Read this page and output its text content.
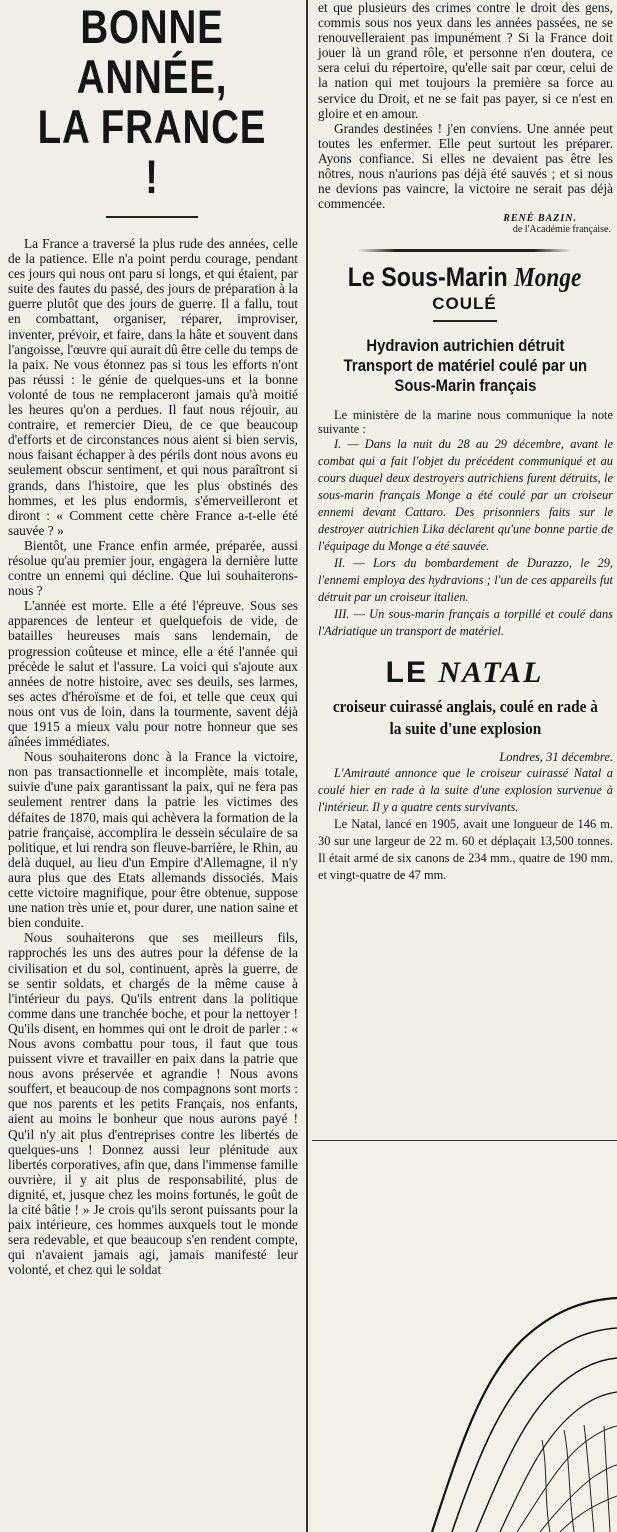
BONNE ANNÉE,
LA FRANCE !

La France a traversé la plus rude des années, celle de la patience. Elle n'a point perdu courage, pendant ces jours qui nous ont paru si longs, et qui étaient, par suite des fautes du passé, des jours de préparation à la guerre plutôt que des jours de guerre. Il a fallu, tout en combattant, organiser, réparer, improviser, inventer, prévoir, et faire, dans la hâte et souvent dans l'angoisse, l'œuvre qui aurait dû être celle du temps de la paix. Ne vous étonnez pas si tous les efforts n'ont pas réussi : le génie de quelques-uns et la bonne volonté de tous ne remplaceront jamais qu'à moitié les heures qu'on a perdues. Il faut nous réjouir, au contraire, et remercier Dieu, de ce que beaucoup d'efforts et de circonstances nous aient si bien servis, nous faisant échapper à des périls dont nous avons eu seulement obscur sentiment, et qui nous paraîtront si grands, dans l'histoire, que les plus obstinés des hommes, et les plus endormis, s'émerveilleront et diront : « Comment cette chère France a-t-elle été sauvée ? »

Bientôt, une France enfin armée, préparée, aussi résolue qu'au premier jour, engagera la dernière lutte contre un ennemi qui décline. Que lui souhaiterons-nous ?

L'année est morte. Elle a été l'épreuve. Sous ses apparences de lenteur et quelquefois de vide, de batailles heureuses mais sans lendemain, de progression coûteuse et mince, elle a été l'année qui précède le salut et l'assure. La voici qui s'ajoute aux années de notre histoire, avec ses deuils, ses larmes, ses actes d'héroïsme et de foi, et telle que ceux qui nous ont vus de loin, dans la tourmente, savent déjà que 1915 a mieux valu pour notre honneur que ses aînées immédiates.

Nous souhaiterons donc à la France la victoire, non pas transactionnelle et incomplète, mais totale, suivie d'une paix garantissant la paix, qui ne fera pas seulement rentrer dans la patrie les victimes des défaites de 1870, mais qui achèvera la formation de la patrie française, accomplira le dessein séculaire de sa politique, et lui rendra son fleuve-barrière, le Rhin, au delà duquel, au lieu d'un Empire d'Allemagne, il n'y aura plus que des Etats allemands dissociés. Mais cette victoire magnifique, pour être obtenue, suppose une nation très unie et, pour durer, une nation saine et bien conduite.

Nous souhaiterons que ses meilleurs fils, rapprochés les uns des autres pour la défense de la civilisation et du sol, continuent, après la guerre, de se sentir soldats, et chargés de la même cause à l'intérieur du pays. Qu'ils entrent dans la politique comme dans une tranchée boche, et pour la nettoyer ! Qu'ils disent, en hommes qui ont le droit de parler : « Nous avons combattu pour tous, il faut que tous puissent vivre et travailler en paix dans la patrie que nous avons préservée et agrandie ! Nous avons souffert, et beaucoup de nos compagnons sont morts : que nos parents et les petits Français, nos enfants, aient au moins le bonheur que nous aurons payé ! Qu'il n'y ait plus d'entreprises contre les libertés de quelques-uns ! Donnez aussi leur plénitude aux libertés corporatives, afin que, dans l'immense famille ouvrière, il y ait plus de responsabilité, plus de dignité, et, jusque chez les moins fortunés, le goût de la cité bâtie ! » Je crois qu'ils seront puissants pour la paix intérieure, ces hommes auxquels tout le monde sera redevable, et que beaucoup s'en rendent compte, qui n'avaient jamais agi, jamais manifesté leur volonté, et chez qui le soldat

et que plusieurs des crimes contre le droit des gens, commis sous nos yeux dans les années passées, ne se renouvelleraient pas impunément ? Si la France doit jouer là un grand rôle, et personne n'en doutera, ce sera celui du répertoire, qu'elle sait par cœur, celui de la nation qui met toujours la première sa force au service du Droit, et ne se fait pas payer, si ce n'est en gloire et en amour.

Grandes destinées ! j'en conviens. Une année peut toutes les enfermer. Elle peut surtout les préparer. Ayons confiance. Si elles ne devaient pas être les nôtres, nous n'aurions pas déjà été sauvés ; et si nous ne devions pas vaincre, la victoire ne serait pas déjà commencée.

RENÉ BAZIN.
de l'Académie française.
Le Sous-Marin Monge
COULÉ
Hydravion autrichien détruit Transport de matériel coulé par un Sous-Marin français

Le ministère de la marine nous communique la note suivante :

I. — Dans la nuit du 28 au 29 décembre, avant le combat qui a fait l'objet du précédent communiqué et au cours duquel deux destroyers autrichiens furent détruits, le sous-marin français Monge a été coulé par un croiseur ennemi devant Cattaro. Des prisonniers faits sur le destroyer autrichien Lika déclarent qu'une bonne partie de l'équipage du Monge a été sauvée.

II. — Lors du bombardement de Durazzo, le 29, l'ennemi employa des hydravions ; l'un de ces appareils fut détruit par un croiseur italien.

III. — Un sous-marin français a torpillé et coulé dans l'Adriatique un transport de matériel.

LE NATAL
croiseur cuirassé anglais, coulé en rade à la suite d'une explosion
Londres, 31 décembre.

L'Amirauté annonce que le croiseur cuirassé Natal a coulé hier en rade à la suite d'une explosion survenue à l'intérieur. Il y a quatre cents survivants.

Le Natal, lancé en 1905, avait une longueur de 146 m. 30 sur une largeur de 22 m. 60 et déplaçait 13,500 tonnes. Il était armé de six canons de 234 mm., quatre de 190 mm. et vingt-quatre de 47 mm.
